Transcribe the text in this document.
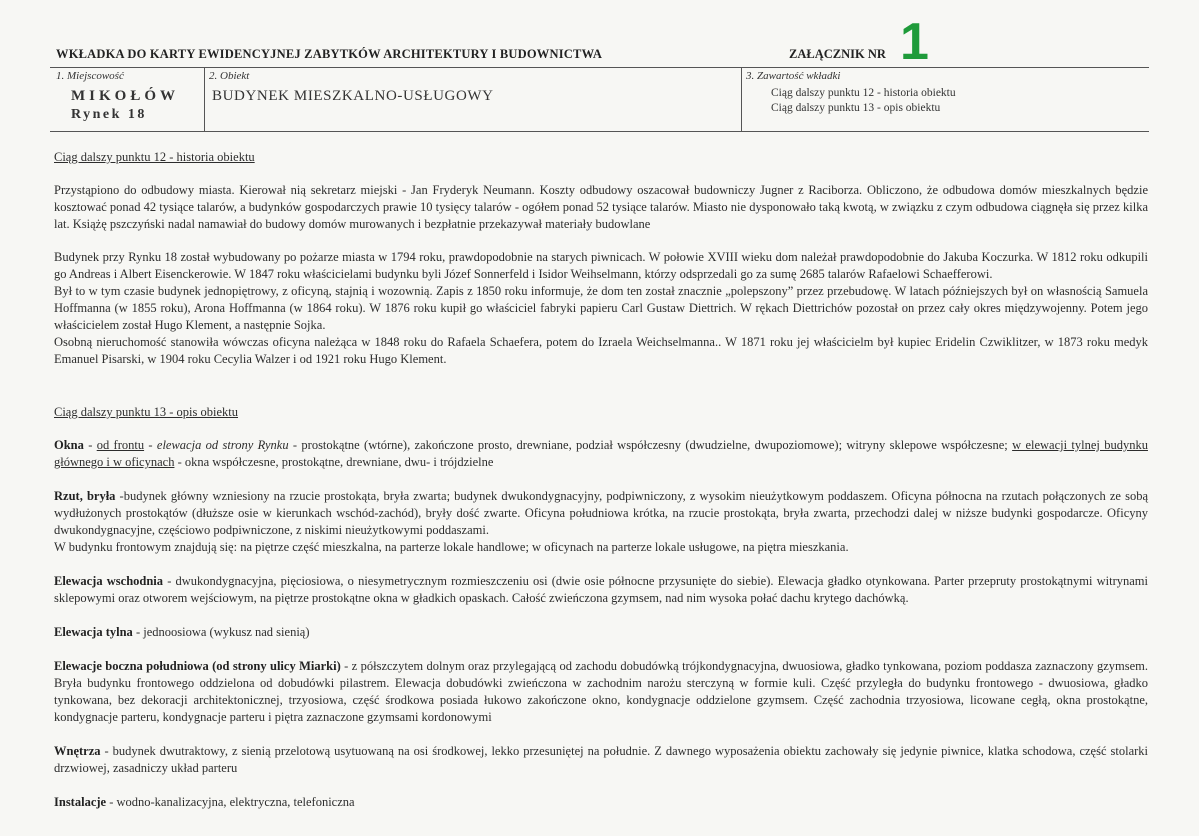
WKŁADKA DO KARTY EWIDENCYJNEJ ZABYTKÓW ARCHITEKTURY I BUDOWNICTWA	ZAŁĄCZNIK NR 1
1. Miejscowość
MIKOŁÓW
Rynek 18
2. Obiekt
BUDYNEK MIESZKALNO-USŁUGOWY
3. Zawartość wkładki
Ciąg dalszy punktu 12 - historia obiektu
Ciąg dalszy punktu 13 - opis obiektu

Ciąg dalszy punktu 12 - historia obiektu

Przystąpiono do odbudowy miasta. Kierował nią sekretarz miejski - Jan Fryderyk Neumann. Koszty odbudowy oszacował budowniczy Jugner z Raciborza. Obliczono, że odbudowa domów mieszkalnych będzie kosztować ponad 42 tysiące talarów, a budynków gospodarczych prawie 10 tysięcy talarów - ogółem ponad 52 tysiące talarów. Miasto nie dysponowało taką kwotą, w związku z czym odbudowa ciągnęła się przez kilka lat. Książę pszczyński nadal namawiał do budowy domów murowanych i bezpłatnie przekazywał materiały budowlane

Budynek przy Rynku 18 został wybudowany po pożarze miasta w 1794 roku, prawdopodobnie na starych piwnicach. W połowie XVIII wieku dom należał prawdopodobnie do Jakuba Koczurka. W 1812 roku odkupili go Andreas i Albert Eisenckerowie. W 1847 roku właścicielami budynku byli Józef Sonnerfeld i Isidor Weihselmann, którzy odsprzedali go za sumę 2685 talarów Rafaelowi Schaefferowi.

Był to w tym czasie budynek jednopiętrowy, z oficyną, stajnią i wozownią. Zapis z 1850 roku informuje, że dom ten został znacznie „polepszony” przez przebudowę. W latach późniejszych był on własnością Samuela Hoffmanna (w 1855 roku), Arona Hoffmanna (w 1864 roku). W 1876 roku kupił go właściciel fabryki papieru Carl Gustaw Diettrich. W rękach Diettrichów pozostał on przez cały okres międzywojenny. Potem jego właścicielem został Hugo Klement, a następnie Sojka.

Osobną nieruchomość stanowiła wówczas oficyna należąca w 1848 roku do Rafaela Schaefera, potem do Izraela Weichselmanna.. W 1871 roku jej właścicielm był kupiec Eridelin Czwiklitzer, w 1873 roku medyk Emanuel Pisarski, w 1904 roku Cecylia Walzer i od 1921 roku Hugo Klement.

Ciąg dalszy punktu 13 - opis obiektu

Okna - od frontu - elewacja od strony Rynku - prostokątne (wtórne), zakończone prosto, drewniane, podział współczesny (dwudzielne, dwupoziomowe); witryny sklepowe współczesne; w elewacji tylnej budynku głównego i w oficynach - okna współczesne, prostokątne, drewniane, dwu- i trójdzielne

Rzut, bryła -budynek główny wzniesiony na rzucie prostokąta, bryła zwarta; budynek dwukondygnacyjny, podpiwniczony, z wysokim nieużytkowym poddaszem. Oficyna północna na rzutach połączonych ze sobą wydłużonych prostokątów (dłuższe osie w kierunkach wschód-zachód), bryły dość zwarte. Oficyna południowa krótka, na rzucie prostokąta, bryła zwarta, przechodzi dalej w niższe budynki gospodarcze. Oficyny dwukondygnacyjne, częściowo podpiwniczone, z niskimi nieużytkowymi poddaszami.

W budynku frontowym znajdują się: na piętrze część mieszkalna, na parterze lokale handlowe; w oficynach na parterze lokale usługowe, na piętra mieszkania.

Elewacja wschodnia - dwukondygnacyjna, pięciosiowa, o niesymetrycznym rozmieszczeniu osi (dwie osie północne przysunięte do siebie). Elewacja gładko otynkowana. Parter przepruty prostokątnymi witrynami sklepowymi oraz otworem wejściowym, na piętrze prostokątne okna w gładkich opaskach. Całość zwieńczona gzymsem, nad nim wysoka połać dachu krytego dachówką.

Elewacja tylna - jednoosiowa (wykusz nad sienią)

Elewacje boczna południowa (od strony ulicy Miarki) - z półszczytem dolnym oraz przylegającą od zachodu dobudówką trójkondygnacyjna, dwuosiowa, gładko tynkowana, poziom poddasza zaznaczony gzymsem. Bryła budynku frontowego oddzielona od dobudówki pilastrem. Elewacja dobudówki zwieńczona w zachodnim narożu sterczyną w formie kuli. Część przyległa do budynku frontowego - dwuosiowa, gładko tynkowana, bez dekoracji architektonicznej, trzyosiowa, część środkowa posiada łukowo zakończone okno, kondygnacje oddzielone gzymsem. Część zachodnia trzyosiowa, licowane cegłą, okna prostokątne, kondygnacje parteru, kondygnacje parteru i piętra zaznaczone gzymsami kordonowymi

Wnętrza - budynek dwutraktowy, z sienią przelotową usytuowaną na osi środkowej, lekko przesuniętej na południe. Z dawnego wyposażenia obiektu zachowały się jedynie piwnice, klatka schodowa, część stolarki drzwiowej, zasadniczy układ parteru

Instalacje - wodno-kanalizacyjna, elektryczna, telefoniczna
